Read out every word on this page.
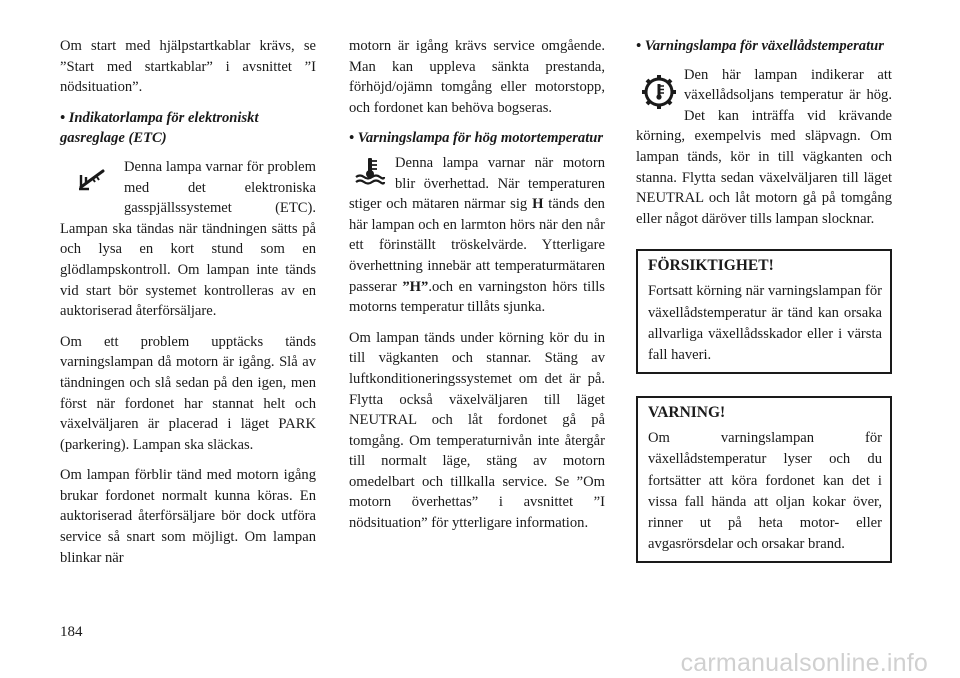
Om start med hjälpstartkablar krävs, se ”Start med startkablar” i avsnittet ”I nödsituation”.

• Indikatorlampa för elektroniskt gasreglage (ETC)

Denna lampa varnar för problem med det elektroniska gasspjällssystemet (ETC). Lampan ska tändas när tändningen sätts på och lysa en kort stund som en glödlampskontroll. Om lampan inte tänds vid start bör systemet kontrolleras av en auktoriserad återförsäljare.

Om ett problem upptäcks tänds varningslampan då motorn är igång. Slå av tändningen och slå sedan på den igen, men först när fordonet har stannat helt och växelväljaren är placerad i läget PARK (parkering). Lampan ska släckas.

Om lampan förblir tänd med motorn igång brukar fordonet normalt kunna köras. En auktoriserad återförsäljare bör dock utföra service så snart som möjligt. Om lampan blinkar när

motorn är igång krävs service omgående. Man kan uppleva sänkta prestanda, förhöjd/ojämn tomgång eller motorstopp, och fordonet kan behöva bogseras.

• Varningslampa för hög motortemperatur

Denna lampa varnar när motorn blir överhettad. När temperaturen stiger och mätaren närmar sig H tänds den här lampan och en larmton hörs när den når ett förinställt tröskelvärde. Ytterligare överhettning innebär att temperaturmätaren passerar ”H”.och en varningston hörs tills motorns temperatur tillåts sjunka.

Om lampan tänds under körning kör du in till vägkanten och stannar. Stäng av luftkonditioneringssystemet om det är på. Flytta också växelväljaren till läget NEUTRAL och låt fordonet gå på tomgång. Om temperaturnivån inte återgår till normalt läge, stäng av motorn omedelbart och tillkalla service. Se ”Om motorn överhettas” i avsnittet ”I nödsituation” för ytterligare information.

• Varningslampa för växellådstemperatur

Den här lampan indikerar att växellådsoljans temperatur är hög. Det kan inträffa vid krävande körning, exempelvis med släpvagn. Om lampan tänds, kör in till vägkanten och stanna. Flytta sedan växelväljaren till läget NEUTRAL och låt motorn gå på tomgång eller något däröver tills lampan slocknar.

FÖRSIKTIGHET!

Fortsatt körning när varningslampan för växellådstemperatur är tänd kan orsaka allvarliga växellådsskador eller i värsta fall haveri.

VARNING!

Om varningslampan för växellådstemperatur lyser och du fortsätter att köra fordonet kan det i vissa fall hända att oljan kokar över, rinner ut på heta motor- eller avgasrörsdelar och orsakar brand.

184
carmanualsonline.info
